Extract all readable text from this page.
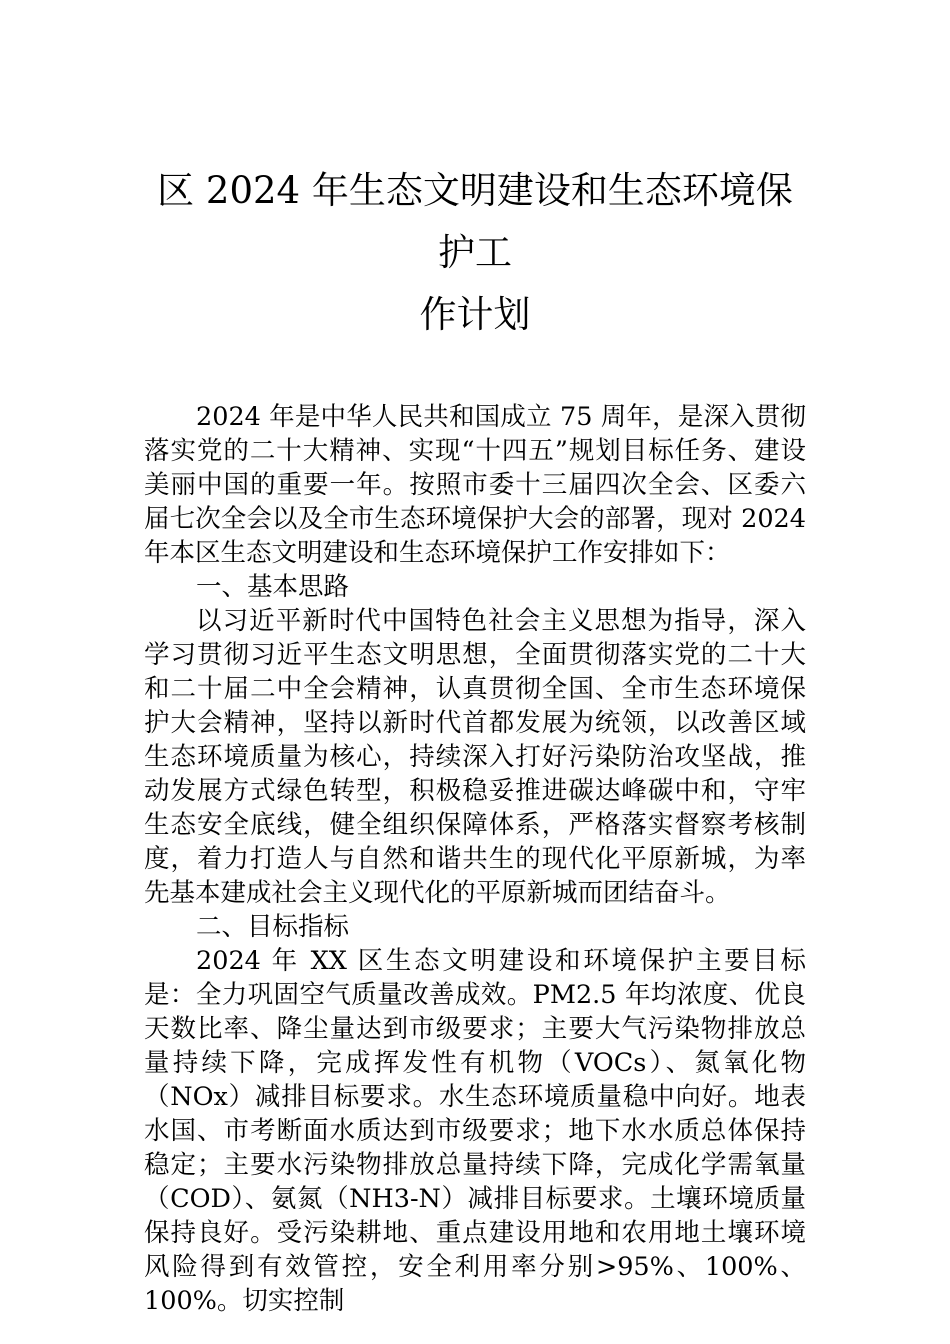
区 2024 年生态文明建设和生态环境保护工
作计划

2024 年是中华人民共和国成立 75 周年，是深入贯彻落实党的二十大精神、实现“十四五”规划目标任务、建设美丽中国的重要一年。按照市委十三届四次全会、区委六届七次全会以及全市生态环境保护大会的部署，现对 2024 年本区生态文明建设和生态环境保护工作安排如下：

一、基本思路

以习近平新时代中国特色社会主义思想为指导，深入学习贯彻习近平生态文明思想，全面贯彻落实党的二十大和二十届二中全会精神，认真贯彻全国、全市生态环境保护大会精神，坚持以新时代首都发展为统领，以改善区域生态环境质量为核心，持续深入打好污染防治攻坚战，推动发展方式绿色转型，积极稳妥推进碳达峰碳中和，守牢生态安全底线，健全组织保障体系，严格落实督察考核制度，着力打造人与自然和谐共生的现代化平原新城，为率先基本建成社会主义现代化的平原新城而团结奋斗。

二、目标指标

2024 年 XX 区生态文明建设和环境保护主要目标是：全力巩固空气质量改善成效。PM2.5 年均浓度、优良天数比率、降尘量达到市级要求；主要大气污染物排放总量持续下降，完成挥发性有机物（VOCs）、氮氧化物（NOx）减排目标要求。水生态环境质量稳中向好。地表水国、市考断面水质达到市级要求；地下水水质总体保持稳定；主要水污染物排放总量持续下降，完成化学需氧量（COD）、氨氮（NH3-N）减排目标要求。土壤环境质量保持良好。受污染耕地、重点建设用地和农用地土壤环境风险得到有效管控，安全利用率分别>95%、100%、100%。切实控制
